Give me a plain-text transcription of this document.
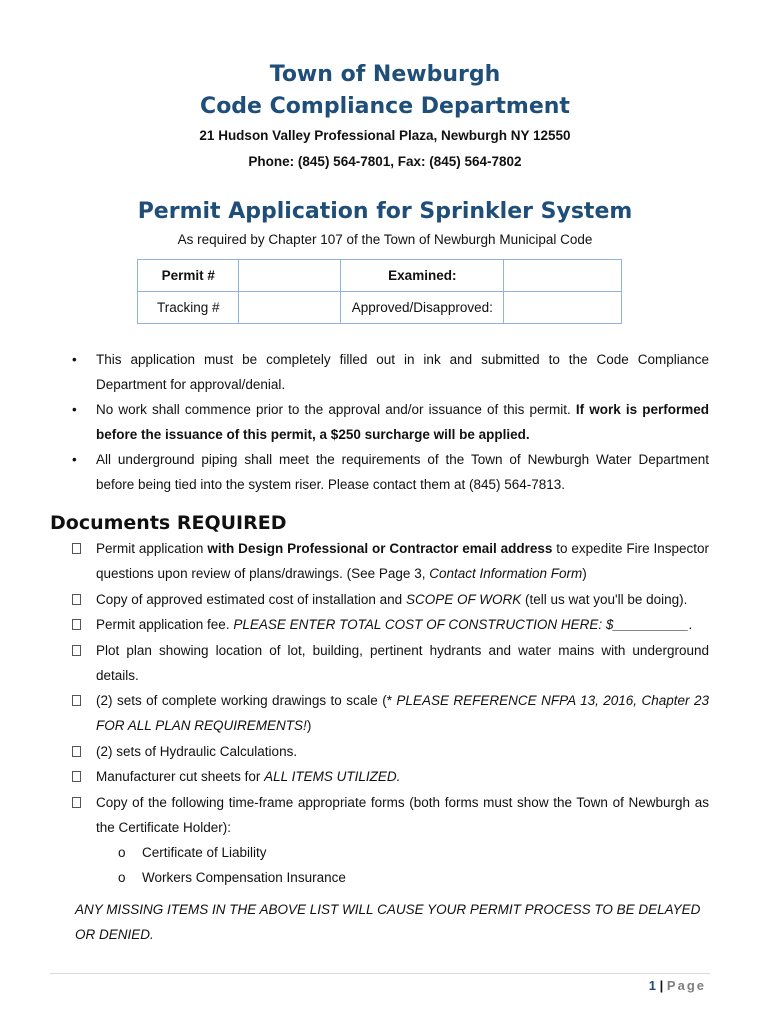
Town of Newburgh
Code Compliance Department
21 Hudson Valley Professional Plaza, Newburgh NY 12550
Phone: (845) 564-7801, Fax: (845) 564-7802
Permit Application for Sprinkler System
As required by Chapter 107 of the Town of Newburgh Municipal Code
Permit #		Examined:	
Tracking #		Approved/Disapproved:	
• This application must be completely filled out in ink and submitted to the Code Compliance Department for approval/denial.
• No work shall commence prior to the approval and/or issuance of this permit. If work is performed before the issuance of this permit, a $250 surcharge will be applied.
• All underground piping shall meet the requirements of the Town of Newburgh Water Department before being tied into the system riser. Please contact them at (845) 564-7813.
Documents REQUIRED
Permit application with Design Professional or Contractor email address to expedite Fire Inspector questions upon review of plans/drawings. (See Page 3, Contact Information Form)
Copy of approved estimated cost of installation and SCOPE OF WORK (tell us wat you'll be doing).
Permit application fee. PLEASE ENTER TOTAL COST OF CONSTRUCTION HERE: $__________.
Plot plan showing location of lot, building, pertinent hydrants and water mains with underground details.
(2) sets of complete working drawings to scale (* PLEASE REFERENCE NFPA 13, 2016, Chapter 23 FOR ALL PLAN REQUIREMENTS!)
(2) sets of Hydraulic Calculations.
Manufacturer cut sheets for ALL ITEMS UTILIZED.
Copy of the following time-frame appropriate forms (both forms must show the Town of Newburgh as the Certificate Holder):
o Certificate of Liability
o Workers Compensation Insurance
ANY MISSING ITEMS IN THE ABOVE LIST WILL CAUSE YOUR PERMIT PROCESS TO BE DELAYED OR DENIED.
1 | Page
